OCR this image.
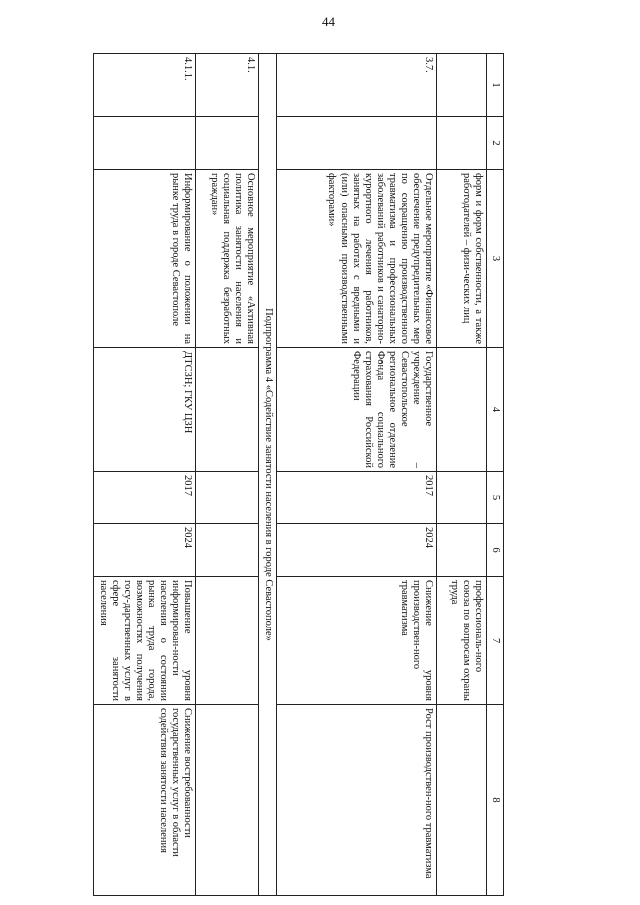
44
1	2	3	4	5	6	7	8
		форм и форм собственности, а также работодателей – физи-ческих лиц				профессиональ-ного союза по вопросам охраны труда	
3.7.		Отдельное мероприятие «Финансовое обеспечение предупредительных мер по сокращению производственного травматизма и профессиональных заболеваний работников и санаторно-курортного лечения работников, занятых на работах с вредными и (или) опасными производственными факторами»	Государственное учреждение – Севастопольское региональное отделение Фонда социального страхования Российской Федерации	2017	2024	Снижение уровня производствен-ного травматизма	Рост производствен-ного травматизма
Подпрограмма 4 «Содействие занятости населения в городе Севастополе»							
4.1.		Основное мероприятие «Активная политика занятости населения и социальная поддержка безработных граждан»					
4.1.1.		Информирование о положении на рынке труда в городе Севастополе	ДТСЗН; ГКУ ЦЗН	2017	2024	Повышение уровня информирован-ности населения о состоянии рынка труда города, возможностях получения госу-дарственных услуг в сфере занятости населения	Снижение востребованности государственных услуг в области содействия занятости населения
